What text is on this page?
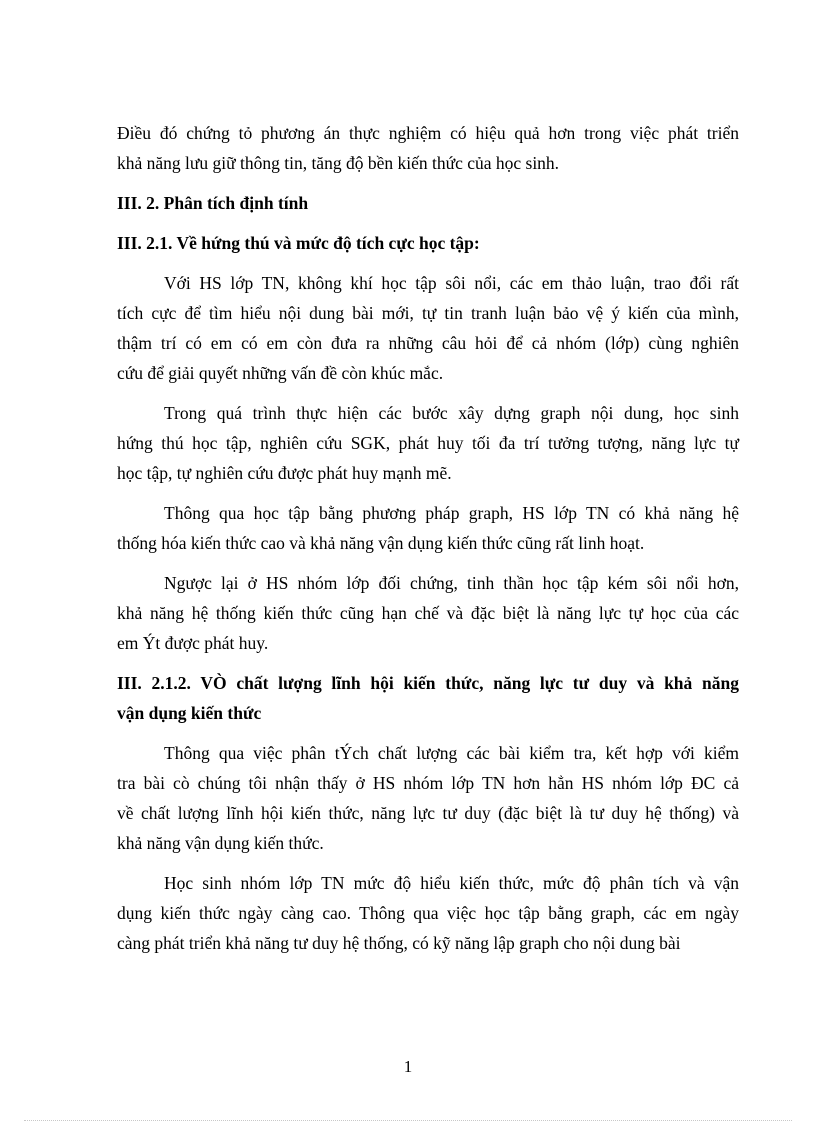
Điều đó chứng tỏ phương án thực nghiệm có hiệu quả hơn trong việc phát triển
khả năng lưu giữ thông tin, tăng độ bền kiến thức của học sinh.
III. 2. Phân tích định tính
III. 2.1. Về hứng thú và mức độ tích cực học tập:
Với HS lớp TN, không khí học tập sôi nổi, các em thảo luận, trao đổi rất
tích cực để tìm hiểu nội dung bài mới, tự tin tranh luận bảo vệ ý kiến của mình,
thậm trí có em có em còn đưa ra những câu hỏi để cả nhóm (lớp) cùng nghiên
cứu để giải quyết những vấn đề còn khúc mắc.
Trong quá trình thực hiện các bước xây dựng graph nội dung, học sinh
hứng thú học tập, nghiên cứu SGK, phát huy tối đa trí tưởng tượng, năng lực tự
học tập, tự nghiên cứu được phát huy mạnh mẽ.
Thông qua học tập bằng phương pháp graph, HS lớp TN có khả năng hệ
thống hóa kiến thức cao và khả năng vận dụng kiến thức cũng rất linh hoạt.
Ngược lại ở HS nhóm lớp đối chứng, tinh thần học tập kém sôi nổi hơn,
khả năng hệ thống kiến thức cũng hạn chế và đặc biệt là năng lực tự học của các
em Ýt được phát huy.
III. 2.1.2. VÒ chất lượng lĩnh hội kiến thức, năng lực tư duy và khả năng
vận dụng kiến thức
Thông qua việc phân tÝch chất lượng các bài kiểm tra, kết hợp với kiểm
tra bài cò chúng tôi nhận thấy ở HS nhóm lớp TN hơn hẳn HS nhóm lớp ĐC cả
về chất lượng lĩnh hội kiến thức, năng lực tư duy (đặc biệt là tư duy hệ thống) và
khả năng vận dụng kiến thức.
Học sinh nhóm lớp TN mức độ hiểu kiến thức, mức độ phân tích và vận
dụng kiến thức ngày càng cao. Thông qua việc học tập bằng graph, các em ngày
càng phát triển khả năng tư duy hệ thống, có kỹ năng lập graph cho nội dung bài
1
